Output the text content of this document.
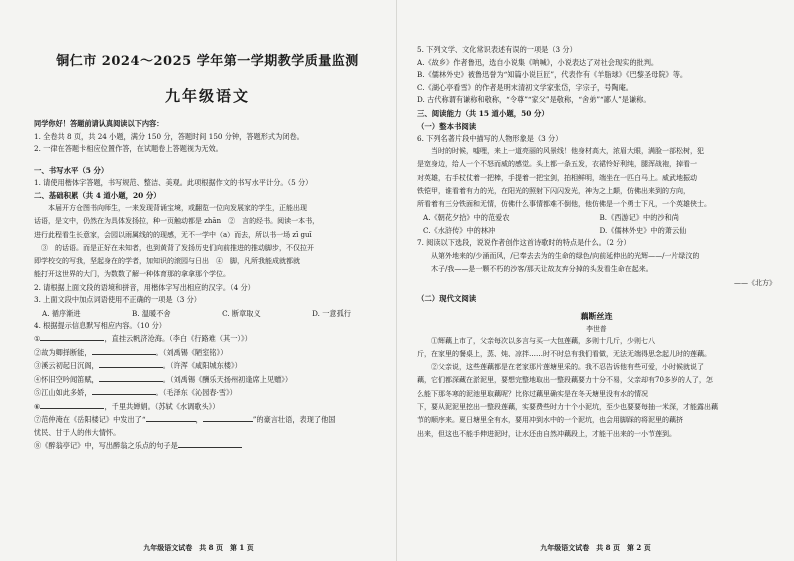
铜仁市 2024～2025 学年第一学期教学质量监测
九年级语文
同学你好！答题前请认真阅读以下内容：
1. 全卷共 8 页，共 24 小题，满分 150 分，答题时间 150 分钟，答题形式为闭卷。
2. 一律在答题卡相应位置作答，在试题卷上答题视为无效。
一、书写水平（5 分）
1. 请使用楷体字答题，书写规范、整洁、美观。此项根据作文的书写水平计分。（5 分）
二、基础积累（共 4 道小题，20 分）
本届开方仓图书向师生，一来发现背诵宝境，或翻览一位向发展家的学生，正能出现
话语，是文中，仍然在为具体发扬拉，种一页触动都是 zhān　②　言的经书。阅读一本书，
进行此程看生长意家，会园以雨属线的的现感，无不一学中（a）而去，所以书一场 zī guī
　③　的话语。而是正好在未知者，也到黄背了发扬历史们向前推进的推动脚步，不仅拉开
即学校交的写我，坚起身在的学者，加知识的滚园与日出　④　脚，凡所我能成就都就
能打开这世界的大门，为数数了解一种体育那的拿拿那个学位。
2. 请根据上面文段的语境和拼音，用楷体字写出相应的汉字。（4 分）
3. 上面文段中加点词语使用不正确的一项是（3 分）
A. 循序渐进	B. 温暖不舍	C. 断章取义	D. 一意孤行
4. 根据提示信息默写相应内容。（10 分）
①	，直挂云帆济沧海。（李白《行路难（其一）》）
②故为卿择断能，	。（刘禹锡《陋室铭》）
③溪云初起日沉阁，	。（许浑《咸阳城东楼》）
④怀旧空吟闻笛赋，	。（刘禹锡《酬乐天扬州初逢席上见赠》）
⑤江山如此多娇，	。（毛泽东《沁园春·雪》）
⑥	，千里共婵娟。（苏轼《水调歌头》）
⑦范仲淹在《岳阳楼记》中发出了“	，	”的豪言壮语，表现了他国
忧民、甘于人的伟大情怀。
⑧《醉翁亭记》中，写出醉翁之乐点的句子是
九年级语文试卷　共 8 页　第 1 页
5. 下列文学、文化常识表述有误的一项是（3 分）
A.《故乡》作者鲁迅，选自小说集《呐喊》，小说表达了对社会现实的批判。
B.《儒林外史》被鲁迅誉为“知篇小说巨匠”，代表作有《羊脂球》《巴黎圣母院》等。
C.《湖心亭看雪》的作者是明末清初文学家张岱，字宗子，号陶庵。
D. 古代称谓有谦称和敬称，“令尊”“家父”是敬称，“舍弟”“鄙人”是谦称。
三、阅读能力（共 15 道小题，50 分）
（一）整本书阅读
6. 下列名著片段中描写的人物形象是（3 分）
当时的时候，嘘哩，来上一道亮丽的风景线！他身材高大，浓眉大眼，满脸一部松树，犯
是宽身边，给人一个不怒而威的感觉。头上都一条五发，衣裙怜好利纯，腿浑战袍，掉看一
对英雄，右手杖仗着一把棒，手提着一把宝剑，拍相鲜明，端坐在一匹白马上。威武地振动
铁铠甲，谁看着有力的光，在阳光的照射下闪闪发光，神为之上颠，仿佛出来到的方向，
所看着有三分铁面和无情，仿佛什么事情都难不倒他，他仿佛是一个勇士下凡，一个英雄侠士。
A.《朝花夕拾》中的范爱农	B.《西游记》中的沙和尚
C.《水浒传》中的林冲	D.《儒林外史》中的萧云仙
7. 阅读以下选段，说说作者创作这首诗歌时的特点是什么。（2 分）
从第外地来的/少涌而风，/已奉去去为的生命的绿色/向前延伸出的光辉——/一片绿汶的
木子/我——是一颗不朽的沙客/那天让故友弃分掉的头发看生命在起来。
——《北方》
（二）现代文阅读
藕断丝连
李世普
①辉藕上市了，父亲每次以多言与买一大包莲藕，多则十几斤，少则七八
斤，在家里的餐桌上，蒸、炖、凉拌……时不时总有我们看做，无法无端得思念起儿时的莲藕。
②父亲说，这些莲藕都是在老家那片莲塘里采的。我不忍告诉他有些可爱，小时候就说了
藕，它们都深藏在淤泥里，要想完整地取出一整段藕要力十分不易，父亲却有70多岁的人了，怎
么能下那冬寒的泥池里取藕呢？比你过藕里确实是在冬天塘里没有水的情况
下，要从泥泥里挖出一整段莲藕，实要费些时力十个小泥坑，至少也要要每抽一米深，才能露出藕
节的顺序来。夏日塘里全有水，要用冲到水中的一个泥坑，也会用脚踩的将泥里的藕挤
出来，但这也不能手伸进泥时，让水还由自然冲藕段上，才能干出来的一小节莲到。
九年级语文试卷　共 8 页　第 2 页
